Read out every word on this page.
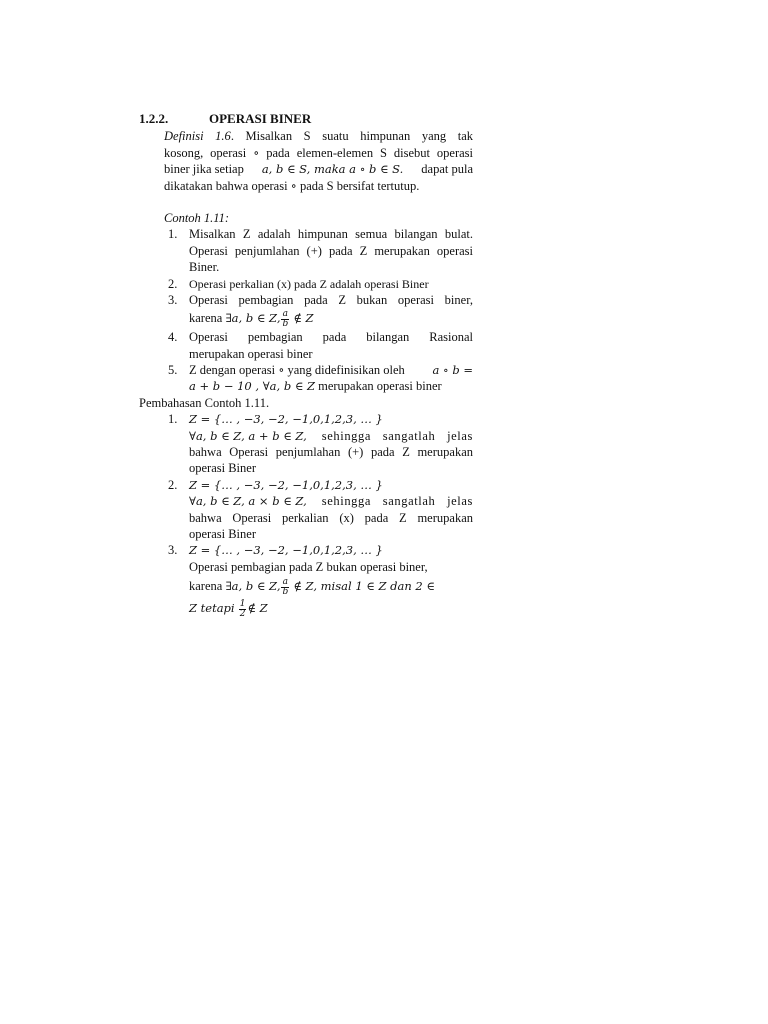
1.2.2.	OPERASI BINER
Definisi 1.6. Misalkan S suatu himpunan yang tak
kosong, operasi ∘ pada elemen-elemen S disebut operasi
biner jika setiap a, b ∈ S, maka a ∘ b ∈ S. dapat pula
dikatakan bahwa operasi ∘ pada S bersifat tertutup.
Contoh 1.11:
1. Misalkan Z adalah himpunan semua bilangan bulat.
Operasi penjumlahan (+) pada Z merupakan operasi
Biner.
2. Operasi perkalian (x) pada Z adalah operasi Biner
3. Operasi pembagian pada Z bukan operasi biner,
karena ∃a, b ∈ Z, $\frac{a}{b}$ ∉ Z
4. Operasi pembagian pada bilangan Rasional
merupakan operasi biner
5. Z dengan operasi ∘ yang didefinisikan oleh a ∘ b =
a + b − 10 , ∀a, b ∈ Z merupakan operasi biner
Pembahasan Contoh 1.11.
1. Z = {… , −3, −2, −1,0,1,2,3, … }
∀a, b ∈ Z, a + b ∈ Z, sehingga sangatlah jelas
bahwa Operasi penjumlahan (+) pada Z merupakan
operasi Biner
2. Z = {… , −3, −2, −1,0,1,2,3, … }
∀a, b ∈ Z, a × b ∈ Z, sehingga sangatlah jelas
bahwa Operasi perkalian (x) pada Z merupakan
operasi Biner
3. Z = {… , −3, −2, −1,0,1,2,3, … }
Operasi pembagian pada Z bukan operasi biner,
karena ∃a, b ∈ Z, $\frac{a}{b}$ ∉ Z, misal 1 ∈ Z dan 2 ∈
Z tetapi $\frac{1}{2}$ ∉ Z
